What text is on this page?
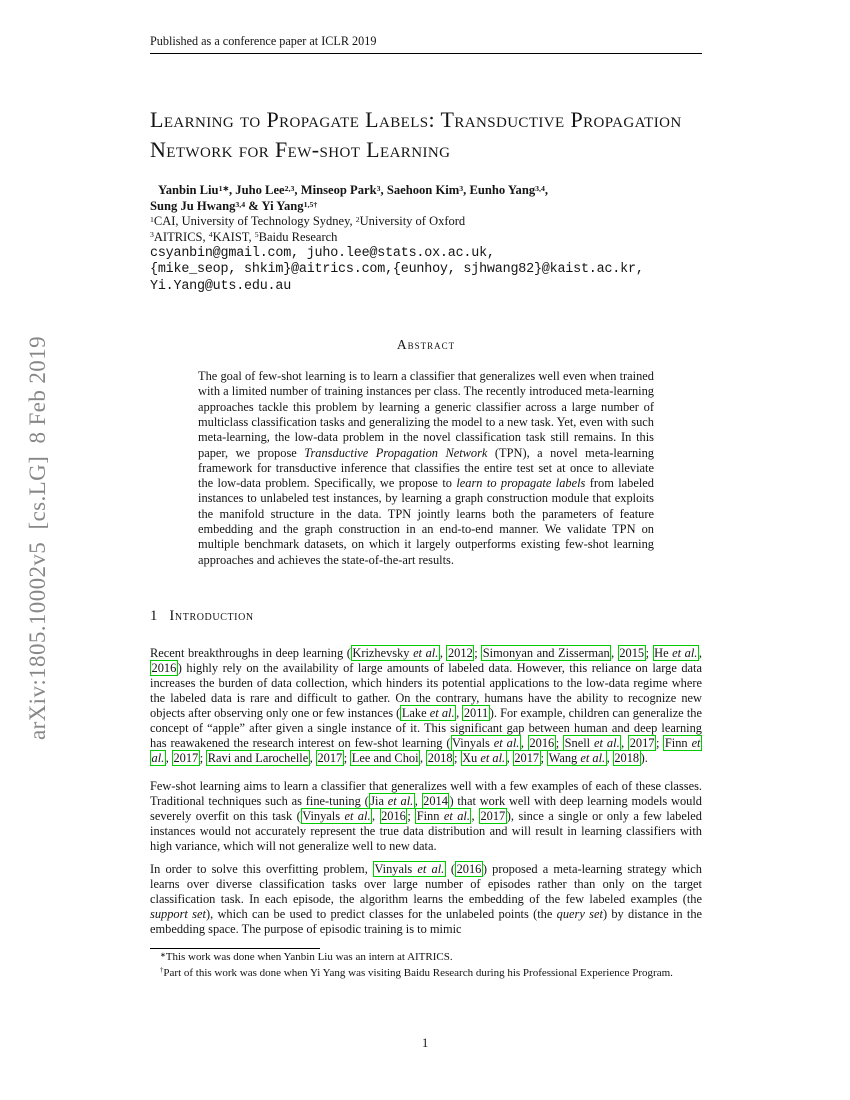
arXiv:1805.10002v5  [cs.LG]  8 Feb 2019
Published as a conference paper at ICLR 2019
Learning to Propagate Labels: Transductive Propagation Network for Few-shot Learning

Yanbin Liu$^{1∗}$, Juho Lee$^{2,3}$, Minseop Park$^3$, Saehoon Kim$^3$, Eunho Yang$^{3,4}$,

Sung Ju Hwang$^{3,4}$ & Yi Yang$^{1,5\dagger}$

$^1$CAI, University of Technology Sydney, $^2$University of Oxford

$^3$AITRICS, $^4$KAIST, $^5$Baidu Research

csyanbin@gmail.com, juho.lee@stats.ox.ac.uk,

{mike_seop, shkim}@aitrics.com,{eunhoy, sjhwang82}@kaist.ac.kr,

Yi.Yang@uts.edu.au

Abstract

The goal of few-shot learning is to learn a classifier that generalizes well even when trained with a limited number of training instances per class. The recently introduced meta-learning approaches tackle this problem by learning a generic classifier across a large number of multiclass classification tasks and generalizing the model to a new task. Yet, even with such meta-learning, the low-data problem in the novel classification task still remains. In this paper, we propose Transductive Propagation Network (TPN), a novel meta-learning framework for transductive inference that classifies the entire test set at once to alleviate the low-data problem. Specifically, we propose to learn to propagate labels from labeled instances to unlabeled test instances, by learning a graph construction module that exploits the manifold structure in the data. TPN jointly learns both the parameters of feature embedding and the graph construction in an end-to-end manner. We validate TPN on multiple benchmark datasets, on which it largely outperforms existing few-shot learning approaches and achieves the state-of-the-art results.

1 Introduction

Recent breakthroughs in deep learning ( Krizhevsky et al. , 2012 ; Simonyan and Zisserman , 2015 ; He et al. , 2016 ) highly rely on the availability of large amounts of labeled data. However, this reliance on large data increases the burden of data collection, which hinders its potential applications to the low-data regime where the labeled data is rare and difficult to gather. On the contrary, humans have the ability to recognize new objects after observing only one or few instances ( Lake et al. , 2011 ). For example, children can generalize the concept of “apple” after given a single instance of it. This significant gap between human and deep learning has reawakened the research interest on few-shot learning ( Vinyals et al. , 2016 ; Snell et al. , 2017 ; Finn et al. , 2017 ; Ravi and Larochelle , 2017 ; Lee and Choi , 2018 ; Xu et al. , 2017 ; Wang et al. , 2018 ).

Few-shot learning aims to learn a classifier that generalizes well with a few examples of each of these classes. Traditional techniques such as fine-tuning ( Jia et al. , 2014 ) that work well with deep learning models would severely overfit on this task ( Vinyals et al. , 2016 ; Finn et al. , 2017 ), since a single or only a few labeled instances would not accurately represent the true data distribution and will result in learning classifiers with high variance, which will not generalize well to new data.

In order to solve this overfitting problem, Vinyals et al. ( 2016 ) proposed a meta-learning strategy which learns over diverse classification tasks over large number of episodes rather than only on the target classification task. In each episode, the algorithm learns the embedding of the few labeled examples (the support set), which can be used to predict classes for the unlabeled points (the query set) by distance in the embedding space. The purpose of episodic training is to mimic

∗This work was done when Yanbin Liu was an intern at AITRICS.

†Part of this work was done when Yi Yang was visiting Baidu Research during his Professional Experience Program.

1
